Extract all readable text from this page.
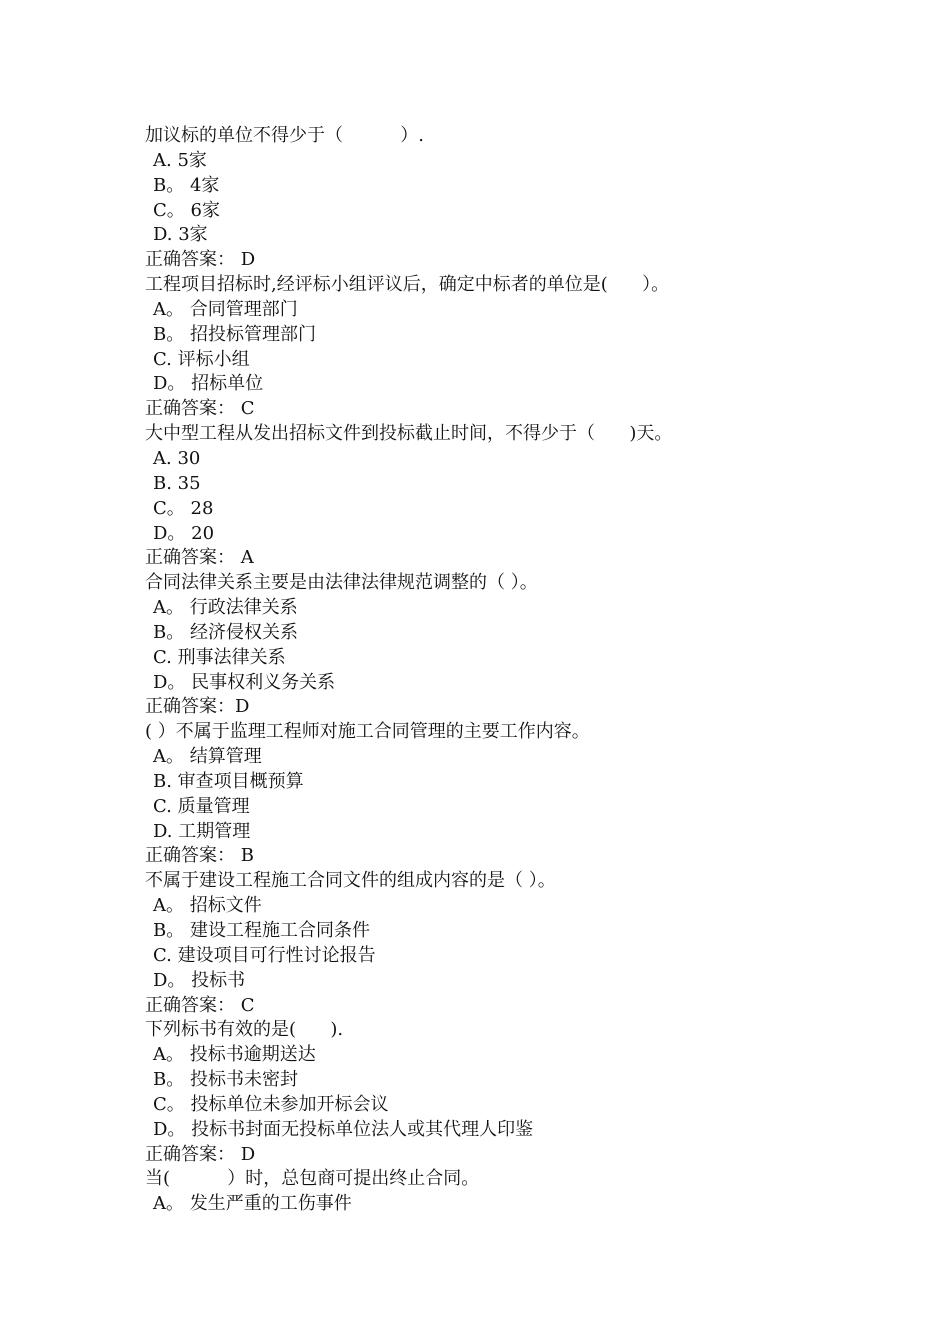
加议标的单位不得少于（          ）.
A. 5家
B。 4家
C。 6家
D. 3家
正确答案： D
工程项目招标时,经评标小组评议后，确定中标者的单位是(      ）。
A。 合同管理部门
B。 招投标管理部门
C. 评标小组
D。 招标单位
正确答案： C
大中型工程从发出招标文件到投标截止时间，不得少于（      )天。
A. 30
B. 35
C。 28
D。 20
正确答案： A
合同法律关系主要是由法律法律规范调整的（ ）。
A。 行政法律关系
B。 经济侵权关系
C. 刑事法律关系
D。 民事权利义务关系
正确答案：D
( ）不属于监理工程师对施工合同管理的主要工作内容。
A。 结算管理
B. 审查项目概预算
C. 质量管理
D. 工期管理
正确答案： B
不属于建设工程施工合同文件的组成内容的是（ ）。
A。 招标文件
B。 建设工程施工合同条件
C. 建设项目可行性讨论报告
D。 投标书
正确答案： C
下列标书有效的是(      ).
A。 投标书逾期送达
B。 投标书未密封
C。 投标单位未参加开标会议
D。 投标书封面无投标单位法人或其代理人印鉴
正确答案： D
当(          ）时，总包商可提出终止合同。
A。 发生严重的工伤事件
